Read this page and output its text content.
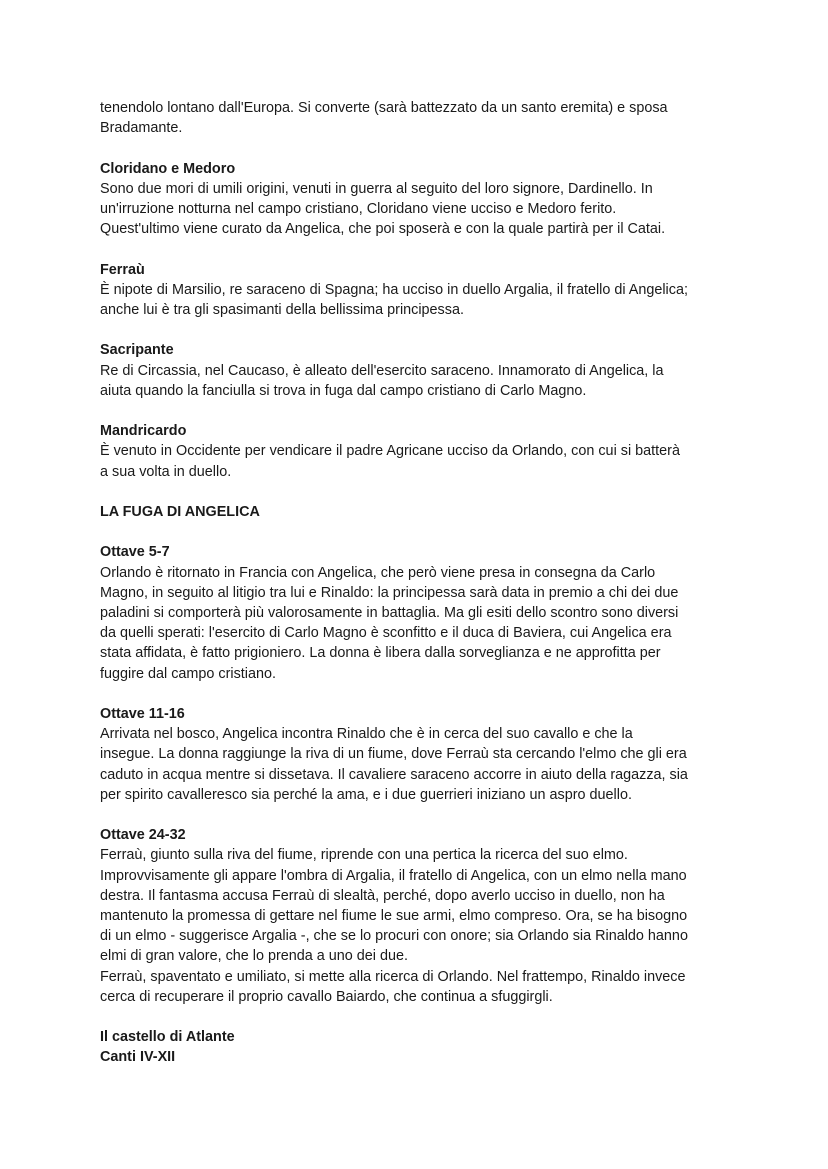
tenendolo lontano dall'Europa. Si converte (sarà battezzato da un santo eremita) e sposa

Bradamante.

Cloridano e Medoro

Sono due mori di umili origini, venuti in guerra al seguito del loro signore, Dardinello. In

un'irruzione notturna nel campo cristiano, Cloridano viene ucciso e Medoro ferito.

Quest'ultimo viene curato da Angelica, che poi sposerà e con la quale partirà per il Catai.

Ferraù

È nipote di Marsilio, re saraceno di Spagna; ha ucciso in duello Argalia, il fratello di Angelica;

anche lui è tra gli spasimanti della bellissima principessa.

Sacripante

Re di Circassia, nel Caucaso, è alleato dell'esercito saraceno. Innamorato di Angelica, la

aiuta quando la fanciulla si trova in fuga dal campo cristiano di Carlo Magno.

Mandricardo

È venuto in Occidente per vendicare il padre Agricane ucciso da Orlando, con cui si batterà

a sua volta in duello.

LA FUGA DI ANGELICA

Ottave 5-7

Orlando è ritornato in Francia con Angelica, che però viene presa in consegna da Carlo

Magno, in seguito al litigio tra lui e Rinaldo: la principessa sarà data in premio a chi dei due

paladini si comporterà più valorosamente in battaglia. Ma gli esiti dello scontro sono diversi

da quelli sperati: l'esercito di Carlo Magno è sconfitto e il duca di Baviera, cui Angelica era

stata affidata, è fatto prigioniero. La donna è libera dalla sorveglianza e ne approfitta per

fuggire dal campo cristiano.

Ottave 11-16

Arrivata nel bosco, Angelica incontra Rinaldo che è in cerca del suo cavallo e che la

insegue. La donna raggiunge la riva di un fiume, dove Ferraù sta cercando l'elmo che gli era

caduto in acqua mentre si dissetava. Il cavaliere saraceno accorre in aiuto della ragazza, sia

per spirito cavalleresco sia perché la ama, e i due guerrieri iniziano un aspro duello.

Ottave 24-32

Ferraù, giunto sulla riva del fiume, riprende con una pertica la ricerca del suo elmo.

Improvvisamente gli appare l'ombra di Argalia, il fratello di Angelica, con un elmo nella mano

destra. Il fantasma accusa Ferraù di slealtà, perché, dopo averlo ucciso in duello, non ha

mantenuto la promessa di gettare nel fiume le sue armi, elmo compreso. Ora, se ha bisogno

di un elmo - suggerisce Argalia -, che se lo procuri con onore; sia Orlando sia Rinaldo hanno

elmi di gran valore, che lo prenda a uno dei due.

Ferraù, spaventato e umiliato, si mette alla ricerca di Orlando. Nel frattempo, Rinaldo invece

cerca di recuperare il proprio cavallo Baiardo, che continua a sfuggirgli.

Il castello di Atlante

Canti IV-XII
